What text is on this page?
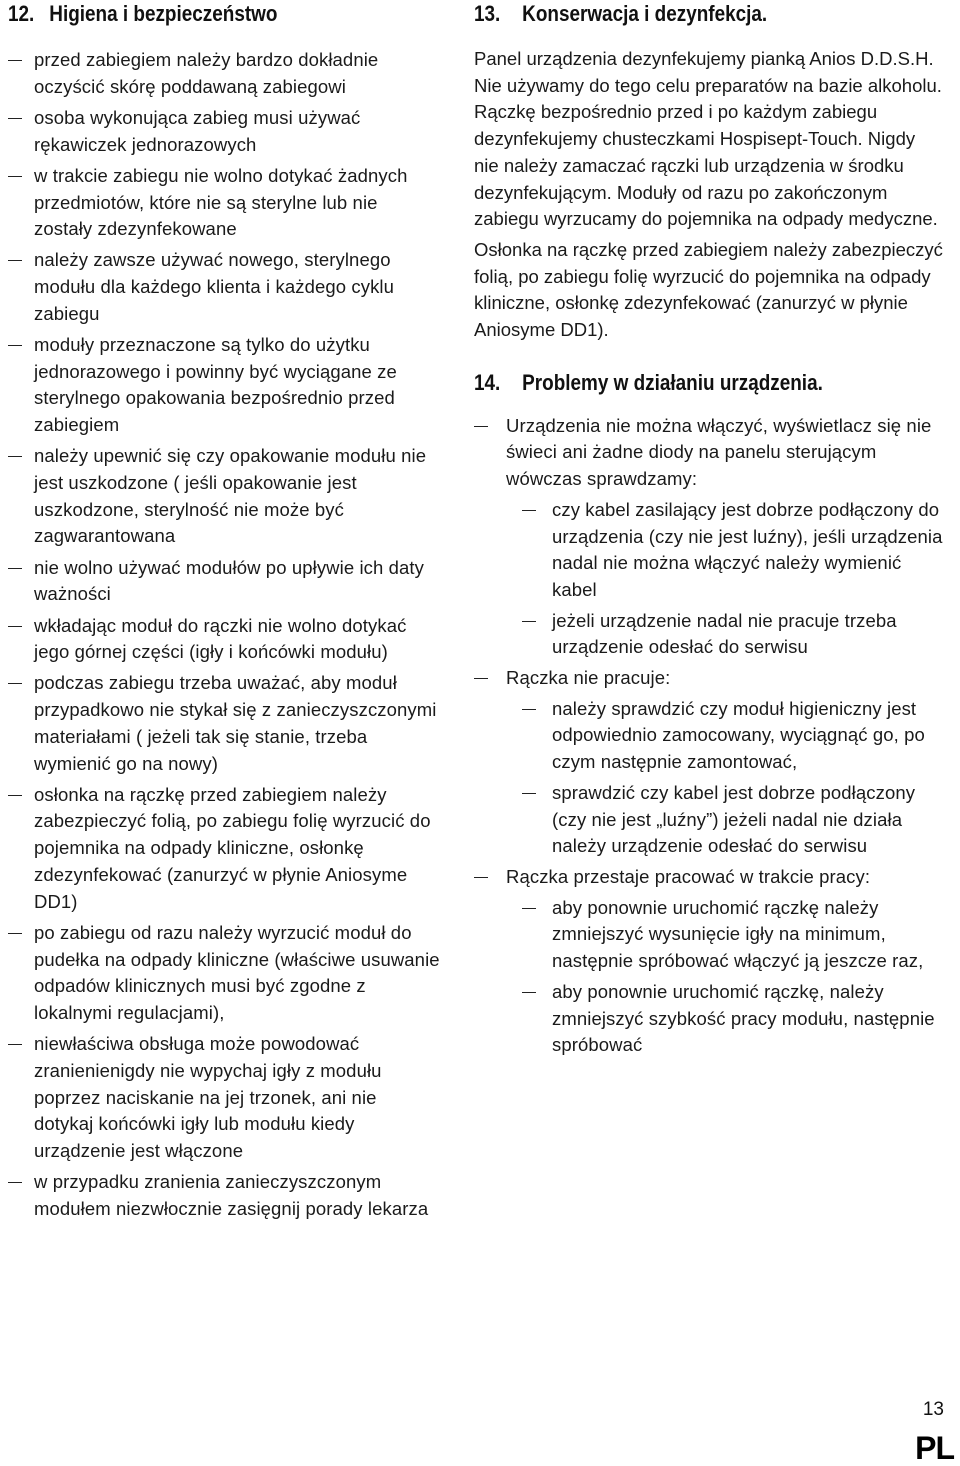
12. Higiena i bezpieczeństwo
przed zabiegiem należy bardzo dokładnie oczyścić skórę poddawaną zabiegowi
osoba wykonująca zabieg musi używać rękawiczek jednorazowych
w trakcie zabiegu nie wolno dotykać żadnych przedmiotów, które nie są sterylne lub nie zostały zdezynfekowane
należy zawsze używać nowego, sterylnego modułu dla każdego klienta i każdego cyklu zabiegu
moduły przeznaczone są tylko do użytku jednorazowego i powinny być wyciągane ze sterylnego opakowania bezpośrednio przed zabiegiem
należy upewnić się czy opakowanie modułu nie jest uszkodzone ( jeśli opakowanie jest uszkodzone, sterylność nie może być zagwarantowana
nie wolno używać modułów po upływie ich daty ważności
wkładając moduł do rączki nie wolno dotykać jego górnej części (igły i końcówki modułu)
podczas zabiegu trzeba uważać, aby moduł przypadkowo nie stykał się z zanieczyszczonymi materiałami ( jeżeli tak się stanie, trzeba wymienić go na nowy)
osłonka na rączkę przed zabiegiem należy zabezpieczyć folią, po zabiegu folię wyrzucić do pojemnika na odpady kliniczne, osłonkę zdezynfekować (zanurzyć w płynie Aniosyme DD1)
po zabiegu od razu należy wyrzucić moduł do pudełka na odpady kliniczne (właściwe usuwanie odpadów klinicznych musi być zgodne z lokalnymi regulacjami),
niewłaściwa obsługa może powodować zranienienigdy nie wypychaj igły z modułu poprzez naciskanie na jej trzonek, ani nie dotykaj końcówki igły lub modułu kiedy urządzenie jest włączone
w przypadku zranienia zanieczyszczonym modułem niezwłocznie zasięgnij porady lekarza
13. Konserwacja i dezynfekcja.

Panel urządzenia dezynfekujemy pianką Anios D.D.S.H. Nie używamy do tego celu preparatów na bazie alkoholu. Rączkę bezpośrednio przed i po każdym zabiegu dezynfekujemy chusteczkami Hospisept-Touch. Nigdy nie należy zamaczać rączki lub urządzenia w środku dezynfekującym. Moduły od razu po zakończonym zabiegu wyrzucamy do pojemnika na odpady medyczne.

Osłonka na rączkę przed zabiegiem należy zabezpieczyć folią, po zabiegu folię wyrzucić do pojemnika na odpady kliniczne, osłonkę zdezynfekować (zanurzyć w płynie Aniosyme DD1).

14. Problemy w działaniu urządzenia.
Urządzenia nie można włączyć, wyświetlacz się nie świeci ani żadne diody na panelu sterującym wówczas sprawdzamy:
czy kabel zasilający jest dobrze podłączony do urządzenia (czy nie jest luźny), jeśli urządzenia nadal nie można włączyć należy wymienić kabel
jeżeli urządzenie nadal nie pracuje trzeba urządzenie odesłać do serwisu
Rączka nie pracuje:
należy sprawdzić czy moduł higieniczny jest odpowiednio zamocowany, wyciągnąć go, po czym następnie zamontować,
sprawdzić czy kabel jest dobrze podłączony (czy nie jest „luźny”) jeżeli nadal nie działa należy urządzenie odesłać do serwisu
Rączka przestaje pracować w trakcie pracy:
aby ponownie uruchomić rączkę należy zmniejszyć wysunięcie igły na minimum, następnie spróbować włączyć ją jeszcze raz,
aby ponownie uruchomić rączkę, należy zmniejszyć szybkość pracy modułu, następnie spróbować
13
PL
